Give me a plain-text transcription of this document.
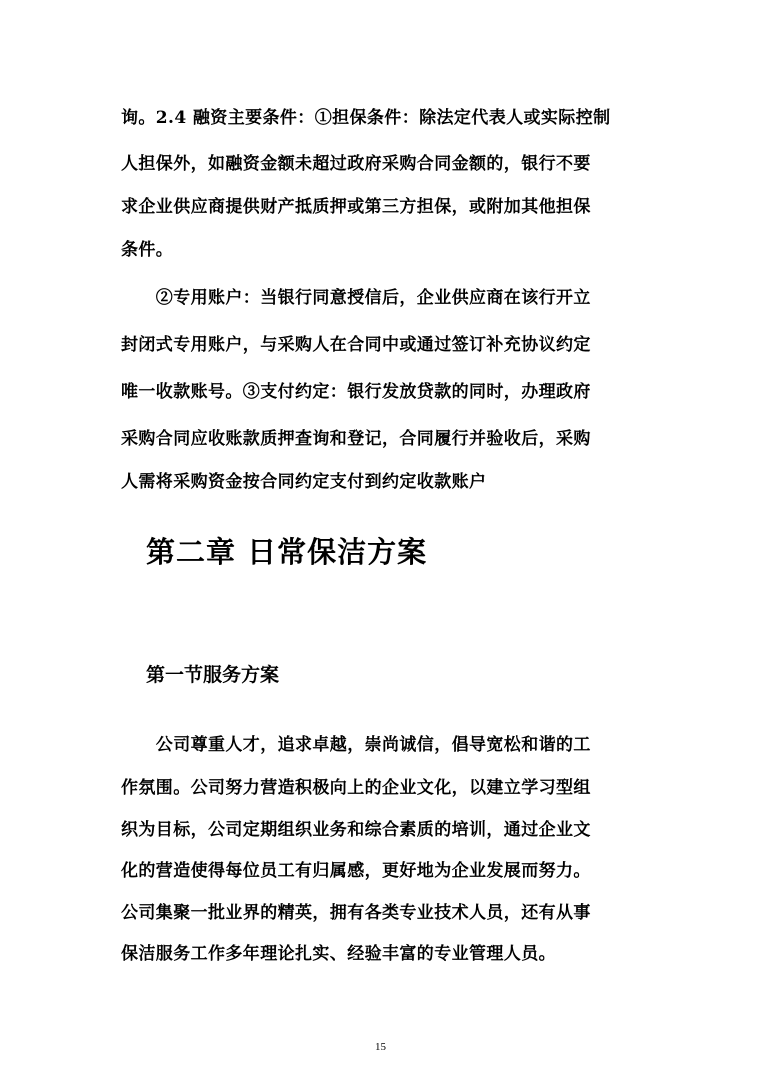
询。2.4 融资主要条件：①担保条件：除法定代表人或实际控制
人担保外，如融资金额未超过政府采购合同金额的，银行不要
求企业供应商提供财产抵质押或第三方担保，或附加其他担保
条件。
　　②专用账户：当银行同意授信后，企业供应商在该行开立
封闭式专用账户，与采购人在合同中或通过签订补充协议约定
唯一收款账号。③支付约定：银行发放贷款的同时，办理政府
采购合同应收账款质押查询和登记，合同履行并验收后，采购
人需将采购资金按合同约定支付到约定收款账户
第二章 日常保洁方案
第一节服务方案
　　公司尊重人才，追求卓越，崇尚诚信，倡导宽松和谐的工
作氛围。公司努力营造积极向上的企业文化，以建立学习型组
织为目标，公司定期组织业务和综合素质的培训，通过企业文
化的营造使得每位员工有归属感，更好地为企业发展而努力。
公司集聚一批业界的精英，拥有各类专业技术人员，还有从事
保洁服务工作多年理论扎实、经验丰富的专业管理人员。
15
